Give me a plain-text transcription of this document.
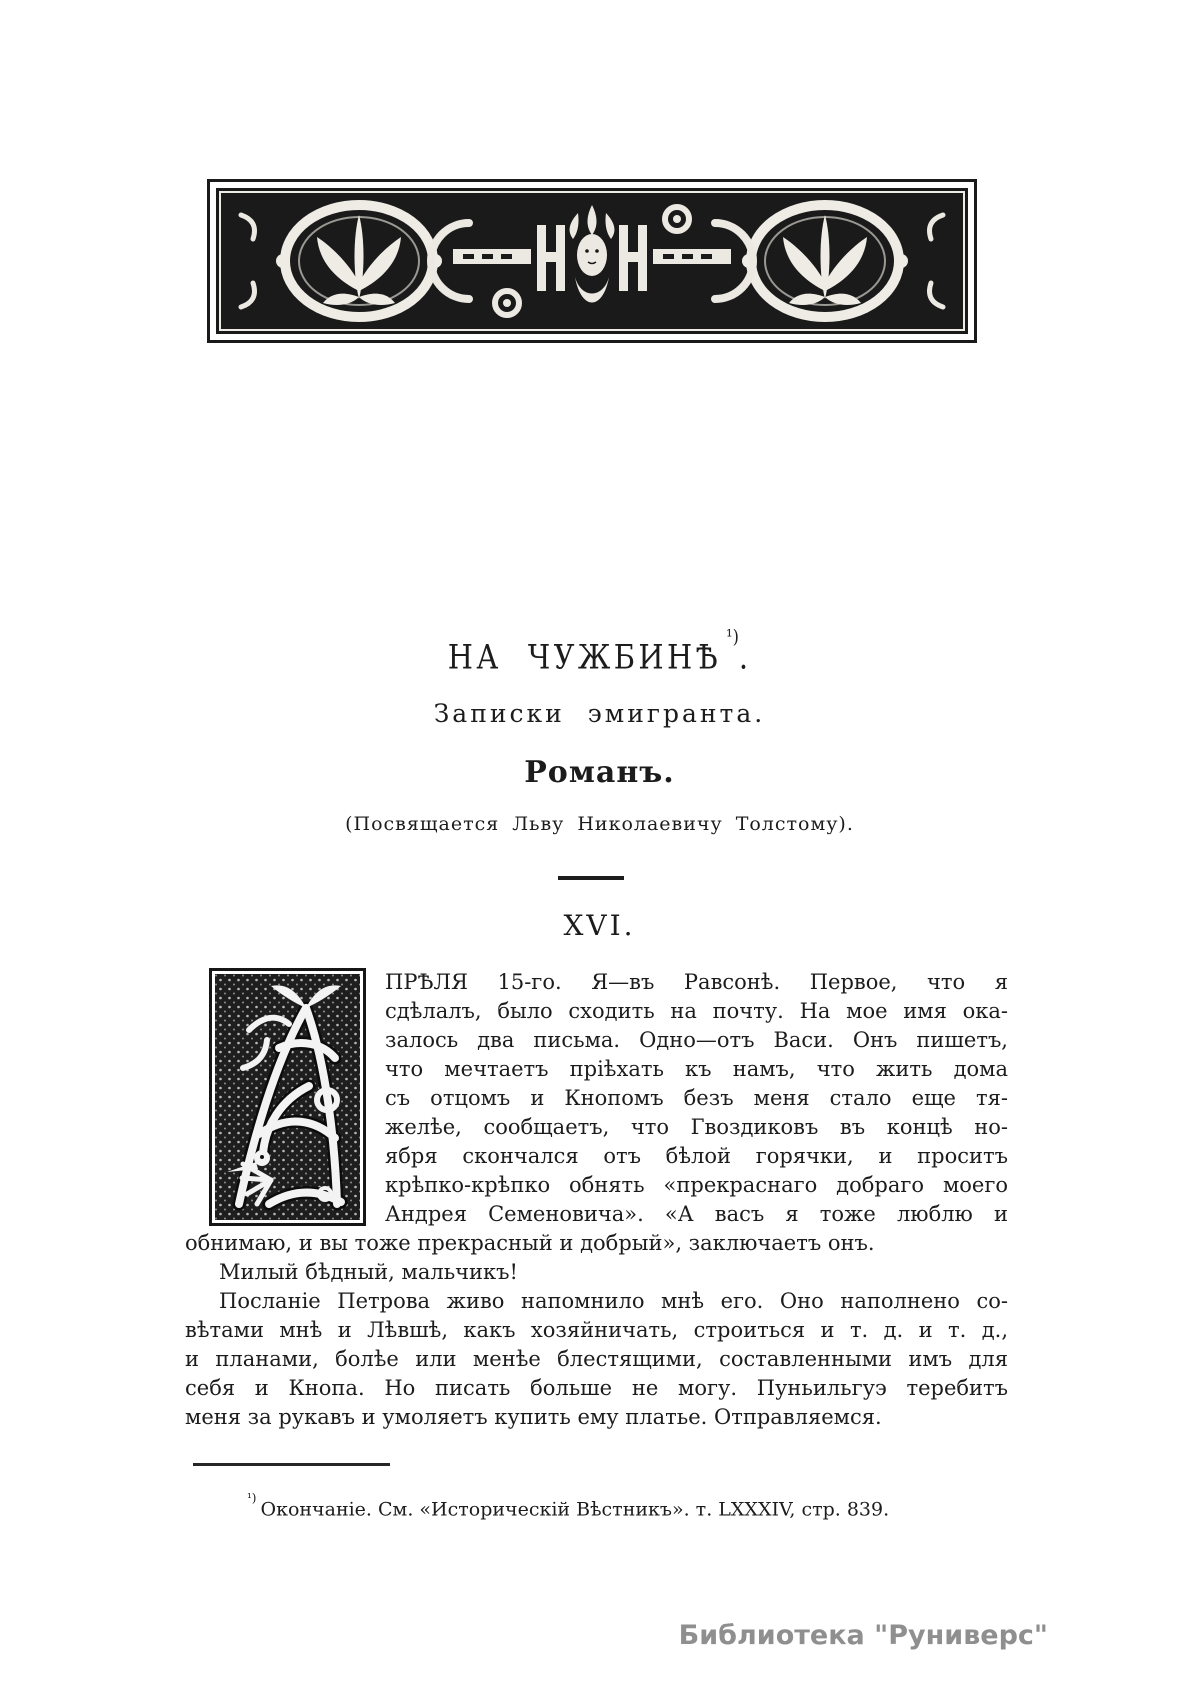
НА $ЧУЖБИНѢ^{^1)}$.
Записки эмигранта.
Романъ.
(Посвящается Льву Николаевичу Толстому).
XVI.
ПРѢЛЯ 15-го. Я—въ Равсонѣ. Первое, что я
сдѣлалъ, было сходить на почту. На мое имя ока-
залось два письма. Одно—отъ Васи. Онъ пишетъ,
что мечтаетъ пріѣхать къ намъ, что жить дома
съ отцомъ и Кнопомъ безъ меня стало еще тя-
желѣе, сообщаетъ, что Гвоздиковъ въ концѣ но-
ября скончался отъ бѣлой горячки, и проситъ
крѣпко-крѣпко обнять «прекраснаго добраго моего
Андрея Семеновича». «А васъ я тоже люблю и
обнимаю, и вы тоже прекрасный и добрый», заключаетъ онъ.
Милый бѣдный, мальчикъ!
Посланіе Петрова живо напомнило мнѣ его. Оно наполнено со-
вѣтами мнѣ и Лѣвшѣ, какъ хозяйничать, строиться и т. д. и т. д.,
и планами, болѣе или менѣе блестящими, составленными имъ для
себя и Кнопа. Но писать больше не могу. Пуньильгуэ теребитъ
меня за рукавъ и умоляетъ купить ему платье. Отправляемся.
$^{^1)}$Окончаніе. См. «Историческій Вѣстникъ». т. LXXXIV, стр. 839.
Библиотека "Руниверс"
